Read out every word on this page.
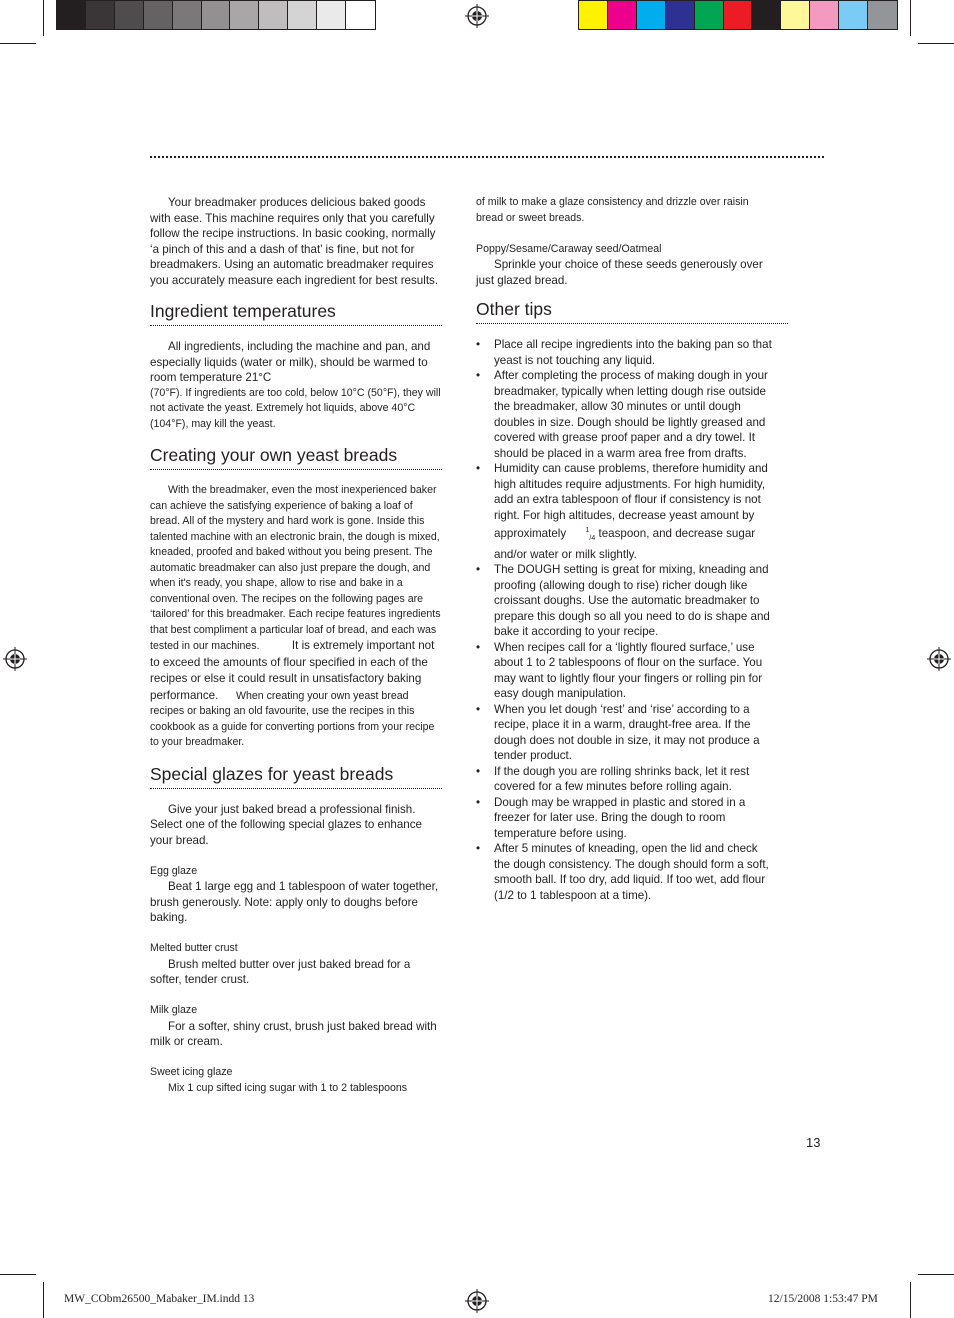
Your breadmaker produces delicious baked goods with ease. This machine requires only that you carefully follow the recipe instructions. In basic cooking, normally ‘a pinch of this and a dash of that’ is fine, but not for breadmakers. Using an automatic breadmaker requires you accurately measure each ingredient for best results.

Ingredient temperatures

All ingredients, including the machine and pan, and especially liquids (water or milk), should be warmed to room temperature 21°C

(70°F). If ingredients are too cold, below 10°C (50°F), they will not activate the yeast. Extremely hot liquids, above 40°C (104°F), may kill the yeast.

Creating your own yeast breads

With the breadmaker, even the most inexperienced baker can achieve the satisfying experience of baking a loaf of bread. All of the mystery and hard work is gone. Inside this talented machine with an electronic brain, the dough is mixed, kneaded, proofed and baked without you being present. The automatic breadmaker can also just prepare the dough, and when it's ready, you shape, allow to rise and bake in a conventional oven. The recipes on the following pages are ‘tailored’ for this breadmaker. Each recipe features ingredients that best compliment a particular loaf of bread, and each was tested in our machines.	It is extremely important not to exceed the amounts of flour specified in each of the recipes or else it could result in unsatisfactory baking performance. When creating your own yeast bread recipes or baking an old favourite, use the recipes in this cookbook as a guide for converting portions from your recipe to your breadmaker.

Special glazes for yeast breads

Give your just baked bread a professional finish. Select one of the following special glazes to enhance your bread.

Egg glaze

Beat 1 large egg and 1 tablespoon of water together, brush generously. Note: apply only to doughs before baking.

Melted butter crust

Brush melted butter over just baked bread for a softer, tender crust.

Milk glaze

For a softer, shiny crust, brush just baked bread with milk or cream.

Sweet icing glaze

Mix 1 cup sifted icing sugar with 1 to 2 tablespoons

of milk to make a glaze consistency and drizzle over raisin bread or sweet breads.

Poppy/Sesame/Caraway seed/Oatmeal

Sprinkle your choice of these seeds generously over just glazed bread.

Other tips
• Place all recipe ingredients into the baking pan so that yeast is not touching any liquid.
• After completing the process of making dough in your breadmaker, typically when letting dough rise outside the breadmaker, allow 30 minutes or until dough doubles in size. Dough should be lightly greased and covered with grease proof paper and a dry towel. It should be placed in a warm area free from drafts.
• Humidity can cause problems, therefore humidity and high altitudes require adjustments. For high humidity, add an extra tablespoon of flour if consistency is not right. For high altitudes, decrease yeast amount by approximately	$^1_{/4}$ teaspoon, and decrease sugar and/or water or milk slightly.
• The DOUGH setting is great for mixing, kneading and proofing (allowing dough to rise) richer dough like croissant doughs. Use the automatic breadmaker to prepare this dough so all you need to do is shape and bake it according to your recipe.
• When recipes call for a ‘lightly floured surface,’ use about 1 to 2 tablespoons of flour on the surface. You may want to lightly flour your fingers or rolling pin for easy dough manipulation.
• When you let dough ‘rest’ and ‘rise’ according to a recipe, place it in a warm, draught-free area. If the dough does not double in size, it may not produce a tender product.
• If the dough you are rolling shrinks back, let it rest covered for a few minutes before rolling again.
• Dough may be wrapped in plastic and stored in a freezer for later use. Bring the dough to room temperature before using.
• After 5 minutes of kneading, open the lid and check the dough consistency. The dough should form a soft, smooth ball. If too dry, add liquid. If too wet, add flour (1/2 to 1 tablespoon at a time).
13
MW_CObm26500_Mabaker_IM.indd 13	12/15/2008 1:53:47 PM
